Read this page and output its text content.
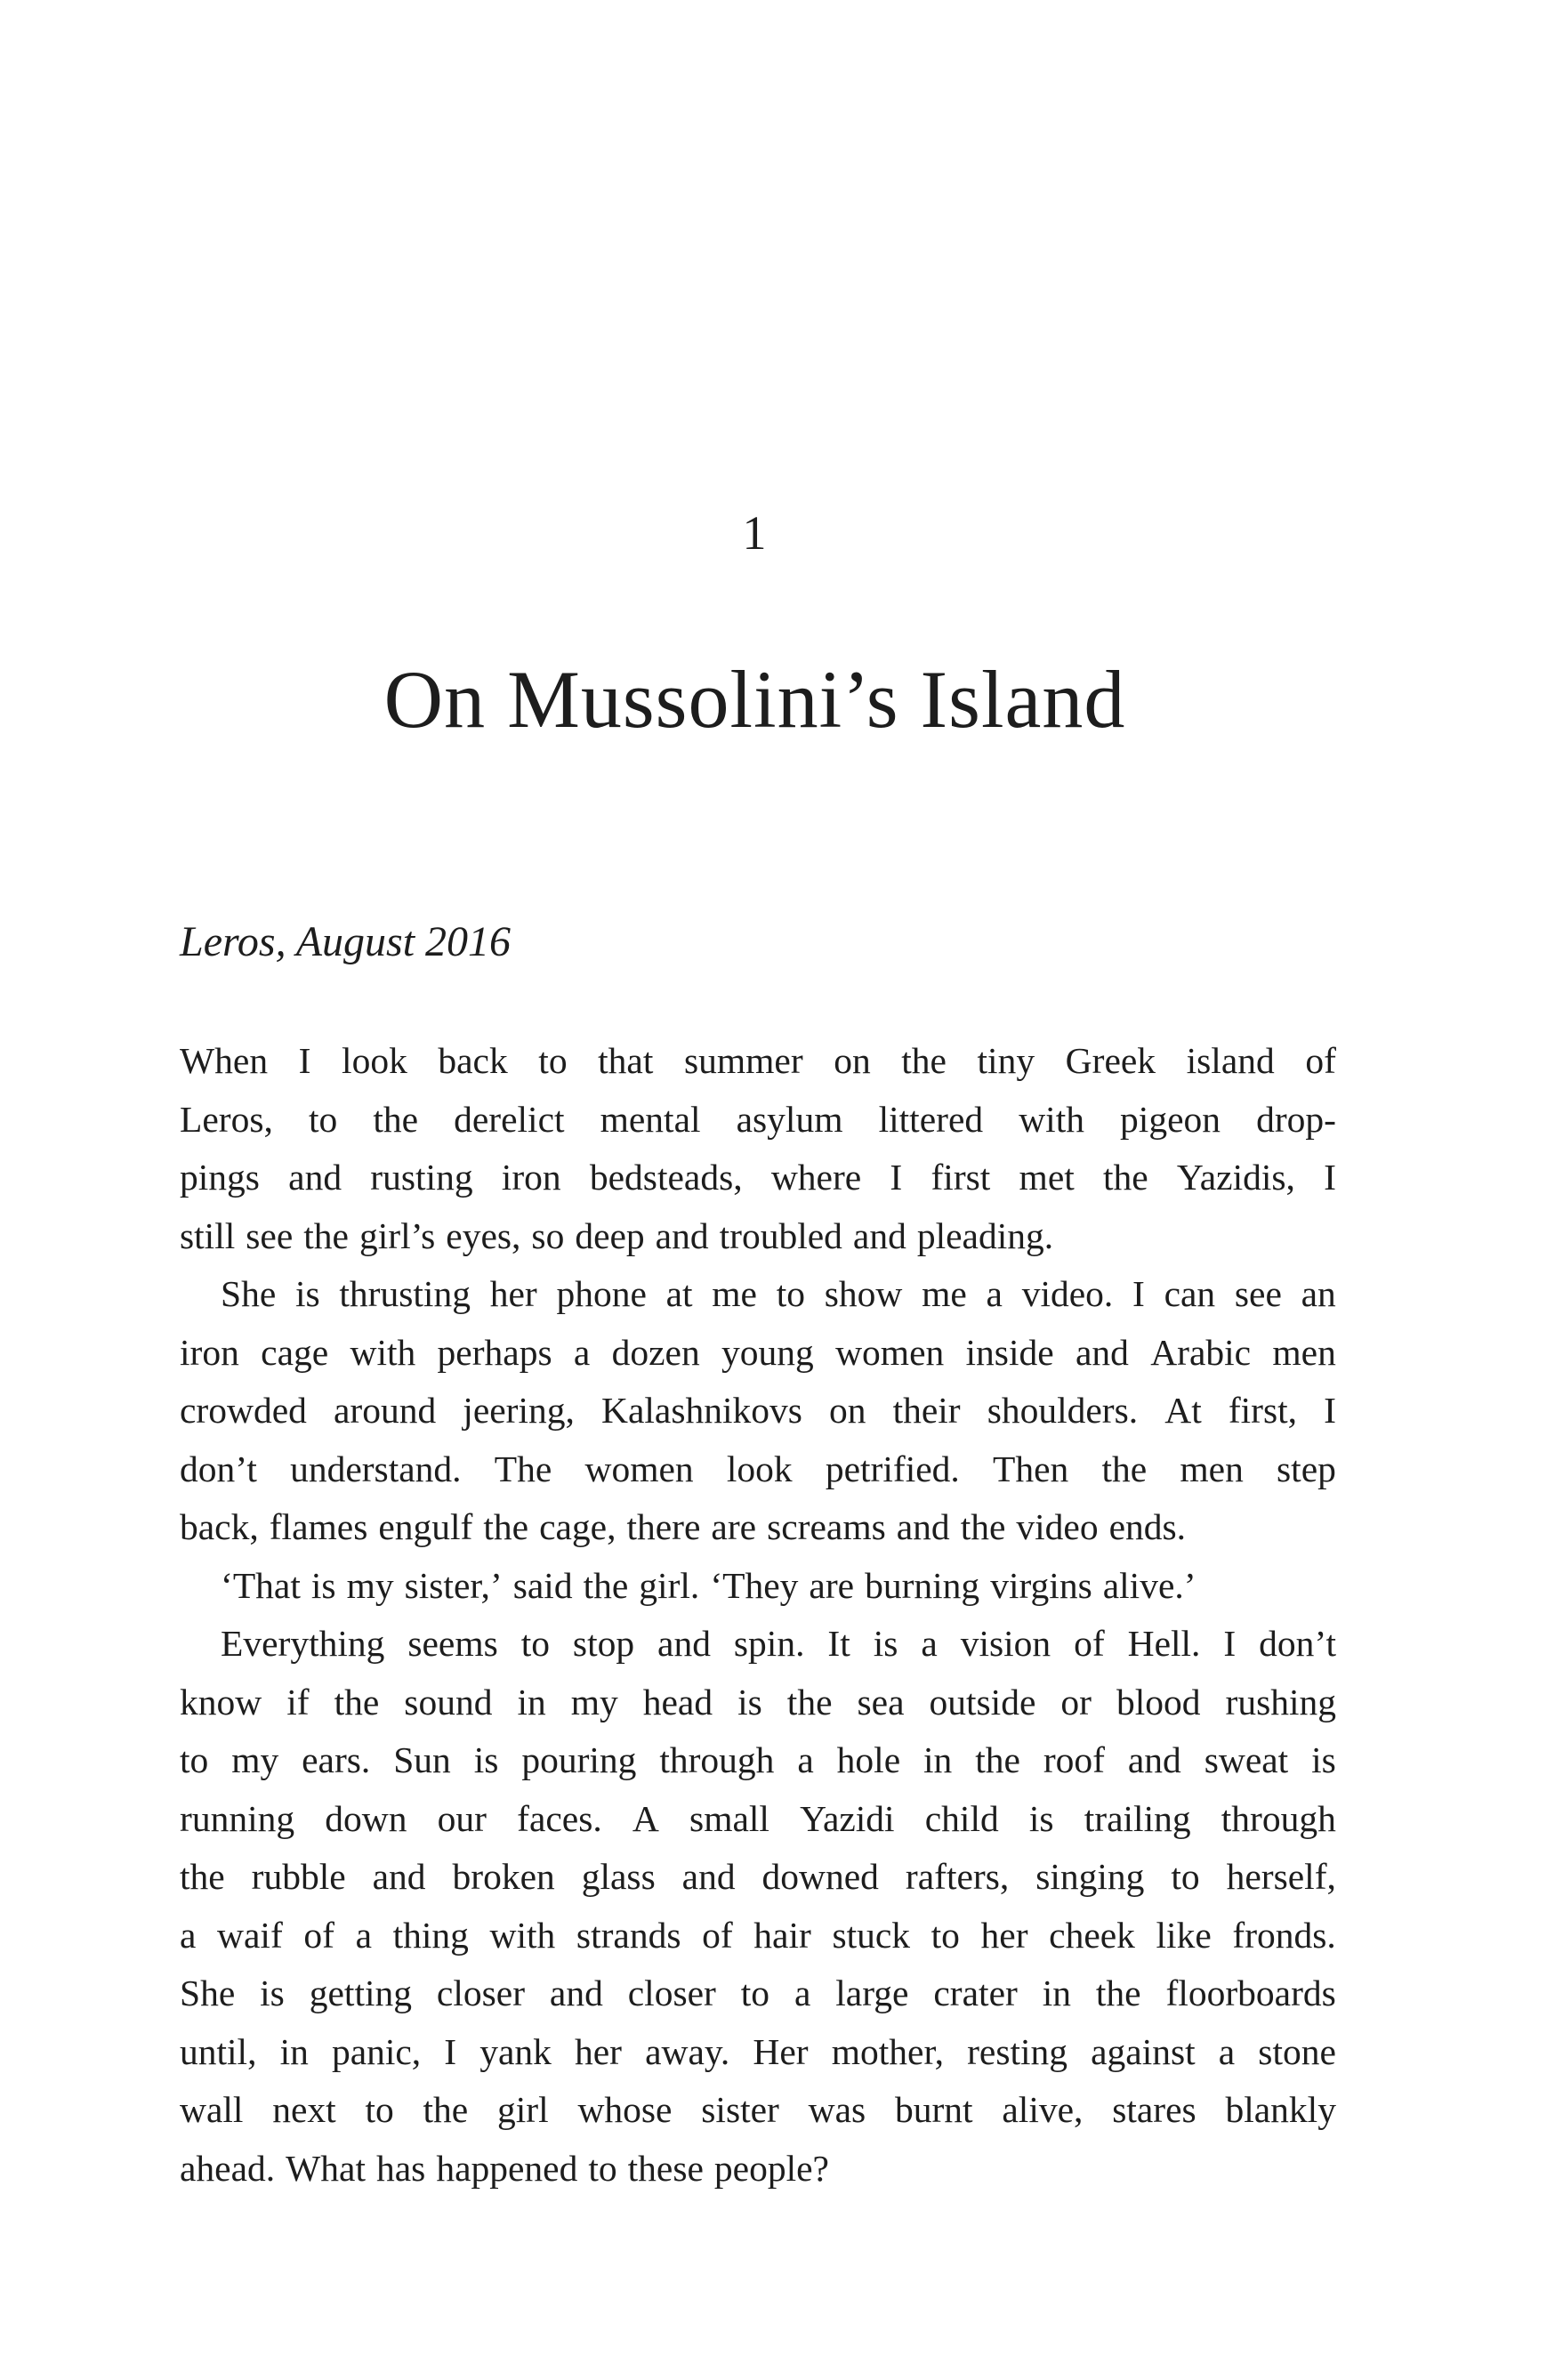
1
On Mussolini’s Island
Leros, August 2016
When I look back to that summer on the tiny Greek island of
Leros, to the derelict mental asylum littered with pigeon drop-
pings and rusting iron bedsteads, where I first met the Yazidis, I
still see the girl’s eyes, so deep and troubled and pleading.
She is thrusting her phone at me to show me a video. I can see an
iron cage with perhaps a dozen young women inside and Arabic men
crowded around jeering, Kalashnikovs on their shoulders. At first, I
don’t understand. The women look petrified. Then the men step
back, flames engulf the cage, there are screams and the video ends.
‘That is my sister,’ said the girl. ‘They are burning virgins alive.’
Everything seems to stop and spin. It is a vision of Hell. I don’t
know if the sound in my head is the sea outside or blood rushing
to my ears. Sun is pouring through a hole in the roof and sweat is
running down our faces. A small Yazidi child is trailing through
the rubble and broken glass and downed rafters, singing to herself,
a waif of a thing with strands of hair stuck to her cheek like fronds.
She is getting closer and closer to a large crater in the floorboards
until, in panic, I yank her away. Her mother, resting against a stone
wall next to the girl whose sister was burnt alive, stares blankly
ahead. What has happened to these people?
